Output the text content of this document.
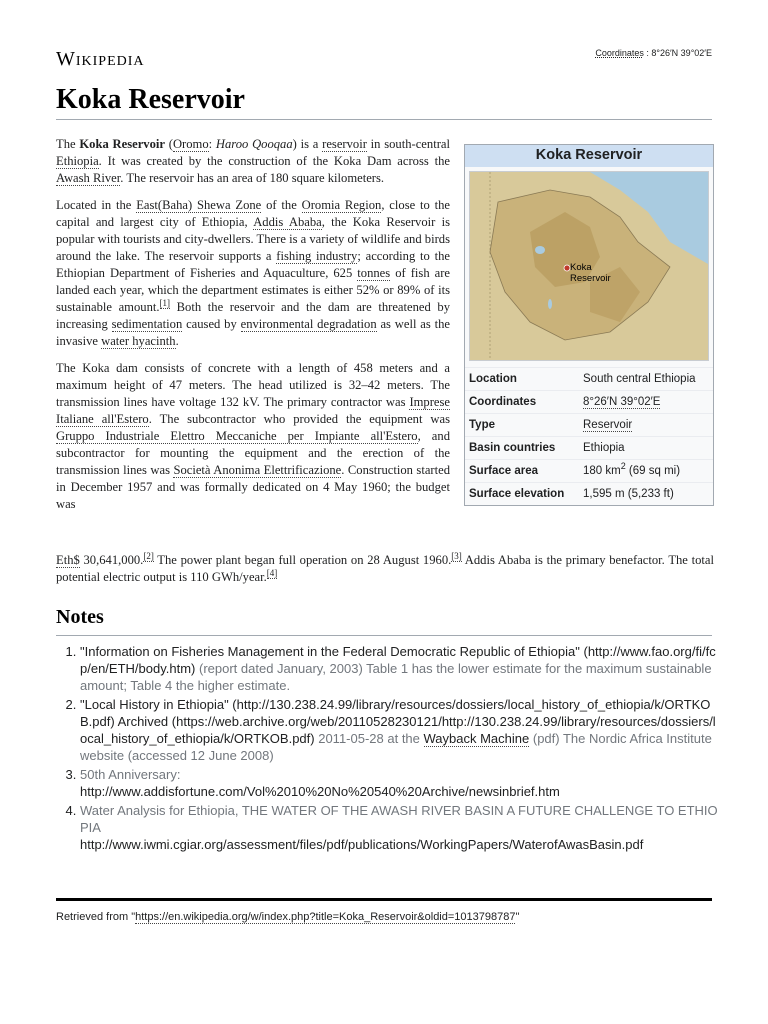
Wikipedia	Coordinates : 8°26′N 39°02′E
Koka Reservoir

The Koka Reservoir (Oromo: Haroo Qooqaa) is a reservoir in south-central Ethiopia. It was created by the construction of the Koka Dam across the Awash River. The reservoir has an area of 180 square kilometers.

Located in the East(Baha) Shewa Zone of the Oromia Region, close to the capital and largest city of Ethiopia, Addis Ababa, the Koka Reservoir is popular with tourists and city-dwellers. There is a variety of wildlife and birds around the lake. The reservoir supports a fishing industry; according to the Ethiopian Department of Fisheries and Aquaculture, 625 tonnes of fish are landed each year, which the department estimates is either 52% or 89% of its sustainable amount.[1] Both the reservoir and the dam are threatened by increasing sedimentation caused by environmental degradation as well as the invasive water hyacinth.

The Koka dam consists of concrete with a length of 458 meters and a maximum height of 47 meters. The head utilized is 32–42 meters. The transmission lines have voltage 132 kV. The primary contractor was Imprese Italiane all'Estero. The subcontractor who provided the equipment was Gruppo Industriale Elettro Meccaniche per Impiante all'Estero, and subcontractor for mounting the equipment and the erection of the transmission lines was Società Anonima Elettrificazione. Construction started in December 1957 and was formally dedicated on 4 May 1960; the budget was

Eth$ 30,641,000.[2] The power plant began full operation on 28 August 1960.[3] Addis Ababa is the primary benefactor. The total potential electric output is 110 GWh/year.[4]
Koka Reservoir
Koka Reservoir
Location	South central Ethiopia
Coordinates	8°26′N 39°02′E
Type	Reservoir
Basin countries	Ethiopia
Surface area	180 $km^2$ (69 sq mi)
Surface elevation	1,595 m (5,233 ft)
Notes
1. "Information on Fisheries Management in the Federal Democratic Republic of Ethiopia" (http://www.fao.org/fi/fcp/en/ETH/body.htm) (report dated January, 2003) Table 1 has the lower estimate for the maximum sustainable amount; Table 4 the higher estimate.
2. "Local History in Ethiopia" (http://130.238.24.99/library/resources/dossiers/local_history_of_ethiopia/k/ORTKOB.pdf) Archived (https://web.archive.org/web/20110528230121/http://130.238.24.99/library/resources/dossiers/local_history_of_ethiopia/k/ORTKOB.pdf) 2011-05-28 at the Wayback Machine (pdf) The Nordic Africa Institute website (accessed 12 June 2008)
3. 50th Anniversary:
http://www.addisfortune.com/Vol%2010%20No%20540%20Archive/newsinbrief.htm
4. Water Analysis for Ethiopia, THE WATER OF THE AWASH RIVER BASIN A FUTURE CHALLENGE TO ETHIOPIA
http://www.iwmi.cgiar.org/assessment/files/pdf/publications/WorkingPapers/WaterofAwasBasin.pdf
Retrieved from "https://en.wikipedia.org/w/index.php?title=Koka_Reservoir&oldid=1013798787"
